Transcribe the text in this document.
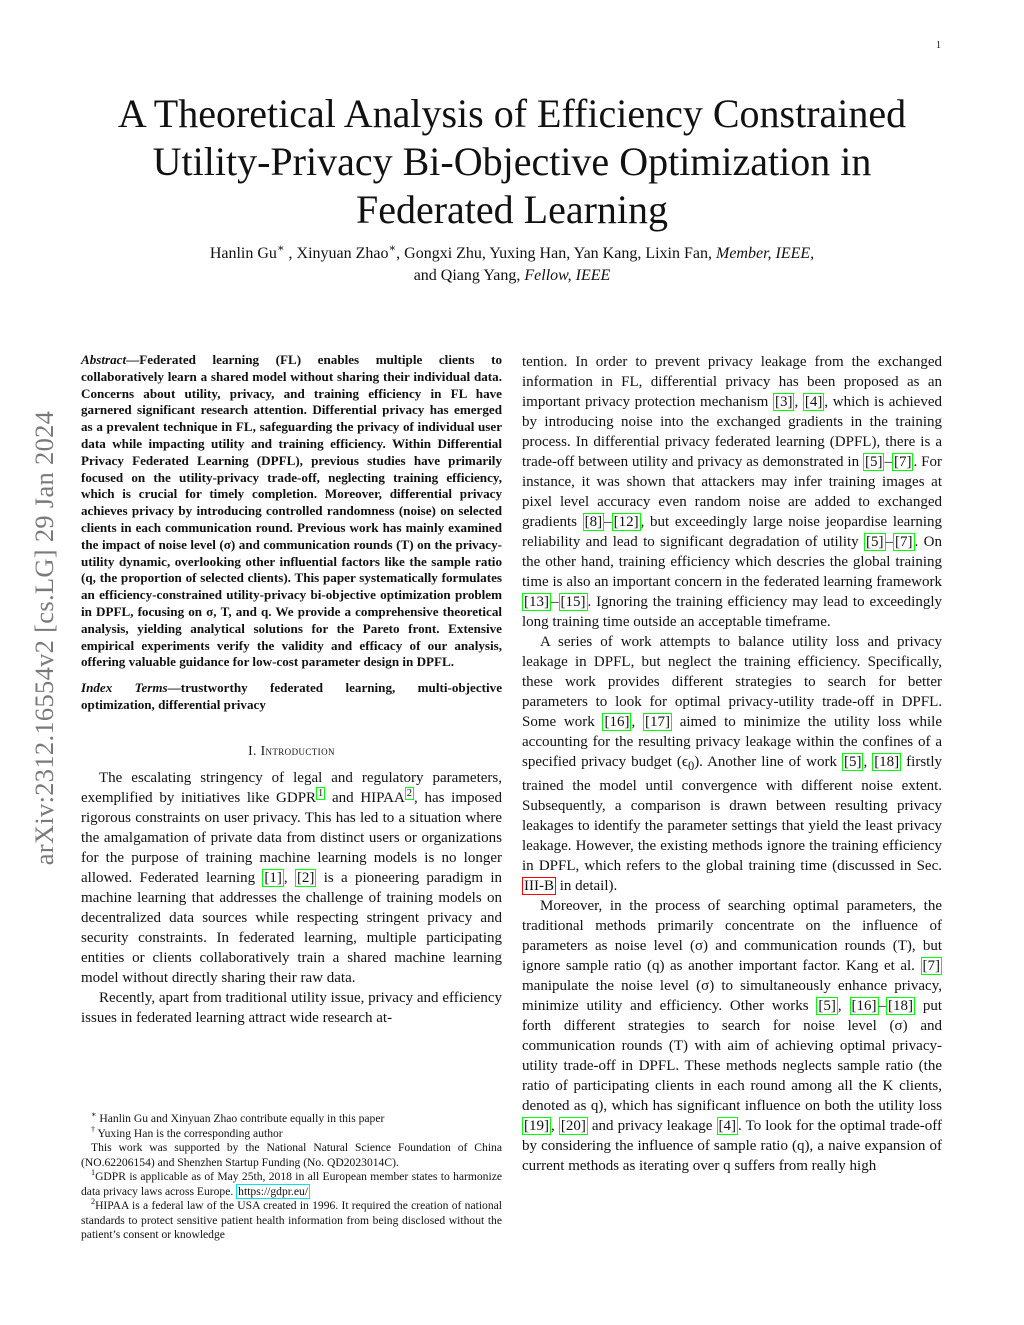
1
arXiv:2312.16554v2 [cs.LG] 29 Jan 2024
A Theoretical Analysis of Efficiency Constrained
Utility-Privacy Bi-Objective Optimization in
Federated Learning
Hanlin Gu∗ , Xinyuan Zhao∗, Gongxi Zhu, Yuxing Han, Yan Kang, Lixin Fan, Member, IEEE,
and Qiang Yang, Fellow, IEEE

Abstract—Federated learning (FL) enables multiple clients to collaboratively learn a shared model without sharing their individual data. Concerns about utility, privacy, and training efficiency in FL have garnered significant research attention. Differential privacy has emerged as a prevalent technique in FL, safeguarding the privacy of individual user data while impacting utility and training efficiency. Within Differential Privacy Federated Learning (DPFL), previous studies have primarily focused on the utility-privacy trade-off, neglecting training efficiency, which is crucial for timely completion. Moreover, differential privacy achieves privacy by introducing controlled randomness (noise) on selected clients in each communication round. Previous work has mainly examined the impact of noise level (σ) and communication rounds (T) on the privacy-utility dynamic, overlooking other influential factors like the sample ratio (q, the proportion of selected clients). This paper systematically formulates an efficiency-constrained utility-privacy bi-objective optimization problem in DPFL, focusing on σ, T, and q. We provide a comprehensive theoretical analysis, yielding analytical solutions for the Pareto front. Extensive empirical experiments verify the validity and efficacy of our analysis, offering valuable guidance for low-cost parameter design in DPFL.

Index Terms—trustworthy federated learning, multi-objective optimization, differential privacy

I. Introduction

The escalating stringency of legal and regulatory parameters, exemplified by initiatives like GDPR $^1$ and HIPAA $^2$ , has imposed rigorous constraints on user privacy. This has led to a situation where the amalgamation of private data from distinct users or organizations for the purpose of training machine learning models is no longer allowed. Federated learning [1] , [2] is a pioneering paradigm in machine learning that addresses the challenge of training models on decentralized data sources while respecting stringent privacy and security constraints. In federated learning, multiple participating entities or clients collaboratively train a shared machine learning model without directly sharing their raw data.

Recently, apart from traditional utility issue, privacy and efficiency issues in federated learning attract wide research at-

∗ Hanlin Gu and Xinyuan Zhao contribute equally in this paper

† Yuxing Han is the corresponding author

This work was supported by the National Natural Science Foundation of China (NO.62206154) and Shenzhen Startup Funding (No. QD2023014C).

$^1$GDPR is applicable as of May 25th, 2018 in all European member states to harmonize data privacy laws across Europe. https://gdpr.eu/

$^2$HIPAA is a federal law of the USA created in 1996. It required the creation of national standards to protect sensitive patient health information from being disclosed without the patient’s consent or knowledge

tention. In order to prevent privacy leakage from the exchanged information in FL, differential privacy has been proposed as an important privacy protection mechanism [3] , [4] , which is achieved by introducing noise into the exchanged gradients in the training process. In differential privacy federated learning (DPFL), there is a trade-off between utility and privacy as demonstrated in [5] – [7] . For instance, it was shown that attackers may infer training images at pixel level accuracy even random noise are added to exchanged gradients [8] – [12] , but exceedingly large noise jeopardise learning reliability and lead to significant degradation of utility [5] – [7] . On the other hand, training efficiency which descries the global training time is also an important concern in the federated learning framework [13] – [15] . Ignoring the training efficiency may lead to exceedingly long training time outside an acceptable timeframe.

A series of work attempts to balance utility loss and privacy leakage in DPFL, but neglect the training efficiency. Specifically, these work provides different strategies to search for better parameters to look for optimal privacy-utility trade-off in DPFL. Some work [16] , [17] aimed to minimize the utility loss while accounting for the resulting privacy leakage within the confines of a specified privacy budget $(\epsilon_0)$. Another line of work [5] , [18] firstly trained the model until convergence with different noise extent. Subsequently, a comparison is drawn between resulting privacy leakages to identify the parameter settings that yield the least privacy leakage. However, the existing methods ignore the training efficiency in DPFL, which refers to the global training time (discussed in Sec. III-B in detail).

Moreover, in the process of searching optimal parameters, the traditional methods primarily concentrate on the influence of parameters as noise level (σ) and communication rounds (T), but ignore sample ratio (q) as another important factor. Kang et al. [7] manipulate the noise level (σ) to simultaneously enhance privacy, minimize utility and efficiency. Other works [5] , [16] – [18] put forth different strategies to search for noise level (σ) and communication rounds (T) with aim of achieving optimal privacy-utility trade-off in DPFL. These methods neglects sample ratio (the ratio of participating clients in each round among all the K clients, denoted as q), which has significant influence on both the utility loss [19] , [20] and privacy leakage [4] . To look for the optimal trade-off by considering the influence of sample ratio (q), a naive expansion of current methods as iterating over q suffers from really high
